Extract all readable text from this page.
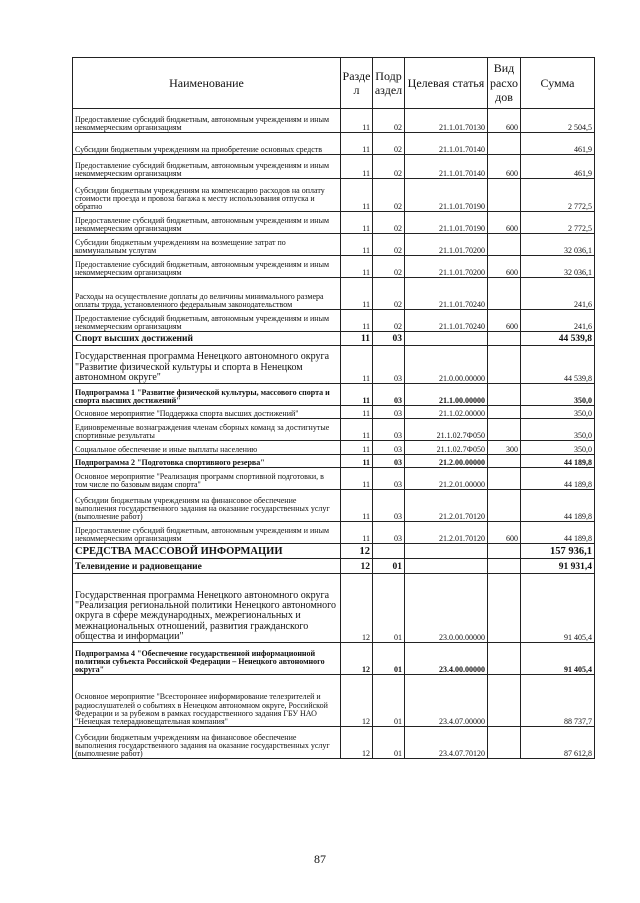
Наименование	Разде л	Подр аздел	Целевая статья	Вид расхо дов	Сумма
Предоставление субсидий бюджетным, автономным учреждениям и иным некоммерческим организациям	11	02	21.1.01.70130	600	2 504,5
Субсидии бюджетным учреждениям на приобретение основных средств	11	02	21.1.01.70140		461,9
Предоставление субсидий бюджетным, автономным учреждениям и иным некоммерческим организациям	11	02	21.1.01.70140	600	461,9
Субсидии бюджетным учреждениям на компенсацию расходов на оплату стоимости проезда и провоза багажа к месту использования отпуска и обратно	11	02	21.1.01.70190		2 772,5
Предоставление субсидий бюджетным, автономным учреждениям и иным некоммерческим организациям	11	02	21.1.01.70190	600	2 772,5
Субсидии бюджетным учреждениям на возмещение затрат по коммунальным услугам	11	02	21.1.01.70200		32 036,1
Предоставление субсидий бюджетным, автономным учреждениям и иным некоммерческим организациям	11	02	21.1.01.70200	600	32 036,1
Расходы на осуществление доплаты до величины минимального размера оплаты труда, установленного федеральным законодательством	11	02	21.1.01.70240		241,6
Предоставление субсидий бюджетным, автономным учреждениям и иным некоммерческим организациям	11	02	21.1.01.70240	600	241,6
Спорт высших достижений	11	03			44 539,8
Государственная программа Ненецкого автономного округа "Развитие физической культуры и спорта в Ненецком автономном округе"	11	03	21.0.00.00000		44 539,8
Подпрограмма 1 "Развитие физической культуры, массового спорта и спорта высших достижений"	11	03	21.1.00.00000		350,0
Основное мероприятие "Поддержка спорта высших достижений"	11	03	21.1.02.00000		350,0
Единовременные вознаграждения членам сборных команд за достигнутые спортивные результаты	11	03	21.1.02.7Ф050		350,0
Социальное обеспечение и иные выплаты населению	11	03	21.1.02.7Ф050	300	350,0
Подпрограмма 2 "Подготовка спортивного резерва"	11	03	21.2.00.00000		44 189,8
Основное мероприятие "Реализация программ спортивной подготовки, в том числе по базовым видам спорта"	11	03	21.2.01.00000		44 189,8
Субсидии бюджетным учреждениям на финансовое обеспечение выполнения государственного задания на оказание государственных услуг (выполнение работ)	11	03	21.2.01.70120		44 189,8
Предоставление субсидий бюджетным, автономным учреждениям и иным некоммерческим организациям	11	03	21.2.01.70120	600	44 189,8
СРЕДСТВА МАССОВОЙ ИНФОРМАЦИИ	12				157 936,1
Телевидение и радиовещание	12	01			91 931,4
Государственная программа Ненецкого автономного округа "Реализация региональной политики Ненецкого автономного округа в сфере международных, межрегиональных и межнациональных отношений, развития гражданского общества и информации"	12	01	23.0.00.00000		91 405,4
Подпрограмма 4 "Обеспечение государственной информационной политики субъекта Российской Федерации – Ненецкого автономного округа"	12	01	23.4.00.00000		91 405,4
Основное мероприятие "Всестороннее информирование телезрителей и радиослушателей о событиях в Ненецком автономном округе, Российской Федерации и за рубежом в рамках государственного задания ГБУ НАО "Ненецкая телерадиовещательная компания"	12	01	23.4.07.00000		88 737,7
Субсидии бюджетным учреждениям на финансовое обеспечение выполнения государственного задания на оказание государственных услуг (выполнение работ)	12	01	23.4.07.70120		87 612,8
87
